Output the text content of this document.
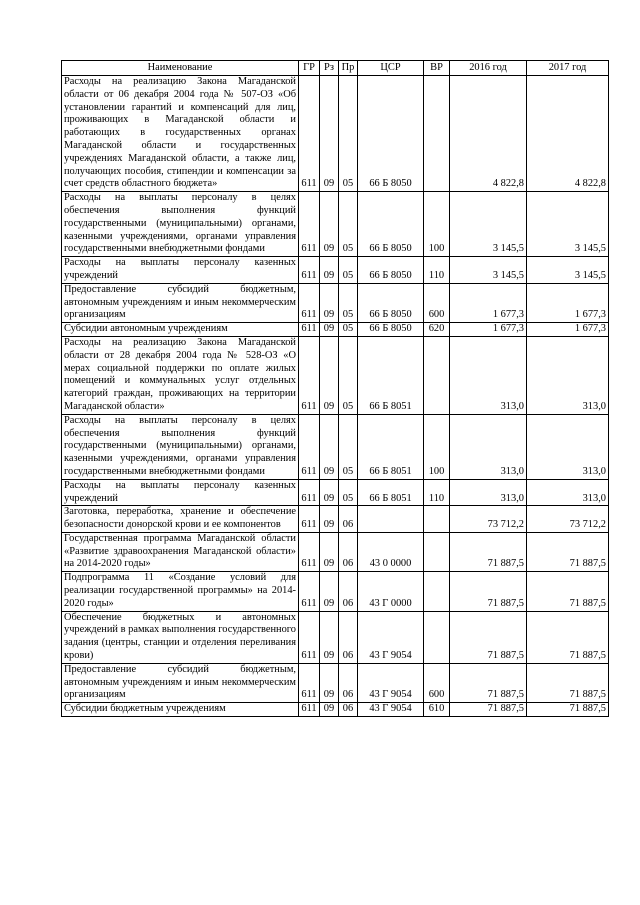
Наименование	ГР	Рз	Пр	ЦСР	ВР	2016 год	2017 год
Расходы на реализацию Закона Магаданской области от 06 декабря 2004 года № 507-ОЗ «Об установлении гарантий и компенсаций для лиц, проживающих в Магаданской области и работающих в государственных органах Магаданской области и государственных учреждениях Магаданской области, а также лиц, получающих пособия, стипендии и компенсации за счет средств областного бюджета»	611	09	05	66 Б 8050		4 822,8	4 822,8
Расходы на выплаты персоналу в целях обеспечения выполнения функций государственными (муниципальными) органами, казенными учреждениями, органами управления государственными внебюджетными фондами	611	09	05	66 Б 8050	100	3 145,5	3 145,5
Расходы на выплаты персоналу казенных учреждений	611	09	05	66 Б 8050	110	3 145,5	3 145,5
Предоставление субсидий бюджетным, автономным учреждениям и иным некоммерческим организациям	611	09	05	66 Б 8050	600	1 677,3	1 677,3
Субсидии автономным учреждениям	611	09	05	66 Б 8050	620	1 677,3	1 677,3
Расходы на реализацию Закона Магаданской области от 28 декабря 2004 года № 528-ОЗ «О мерах социальной поддержки по оплате жилых помещений и коммунальных услуг отдельных категорий граждан, проживающих на территории Магаданской области»	611	09	05	66 Б 8051		313,0	313,0
Расходы на выплаты персоналу в целях обеспечения выполнения функций государственными (муниципальными) органами, казенными учреждениями, органами управления государственными внебюджетными фондами	611	09	05	66 Б 8051	100	313,0	313,0
Расходы на выплаты персоналу казенных учреждений	611	09	05	66 Б 8051	110	313,0	313,0
Заготовка, переработка, хранение и обеспечение безопасности донорской крови и ее компонентов	611	09	06			73 712,2	73 712,2
Государственная программа Магаданской области «Развитие здравоохранения Магаданской области» на 2014-2020 годы»	611	09	06	43 0 0000		71 887,5	71 887,5
Подпрограмма 11 «Создание условий для реализации государственной программы» на 2014-2020 годы»	611	09	06	43 Г 0000		71 887,5	71 887,5
Обеспечение бюджетных и автономных учреждений в рамках выполнения государственного задания (центры, станции и отделения переливания крови)	611	09	06	43 Г 9054		71 887,5	71 887,5
Предоставление субсидий бюджетным, автономным учреждениям и иным некоммерческим организациям	611	09	06	43 Г 9054	600	71 887,5	71 887,5
Субсидии бюджетным учреждениям	611	09	06	43 Г 9054	610	71 887,5	71 887,5
